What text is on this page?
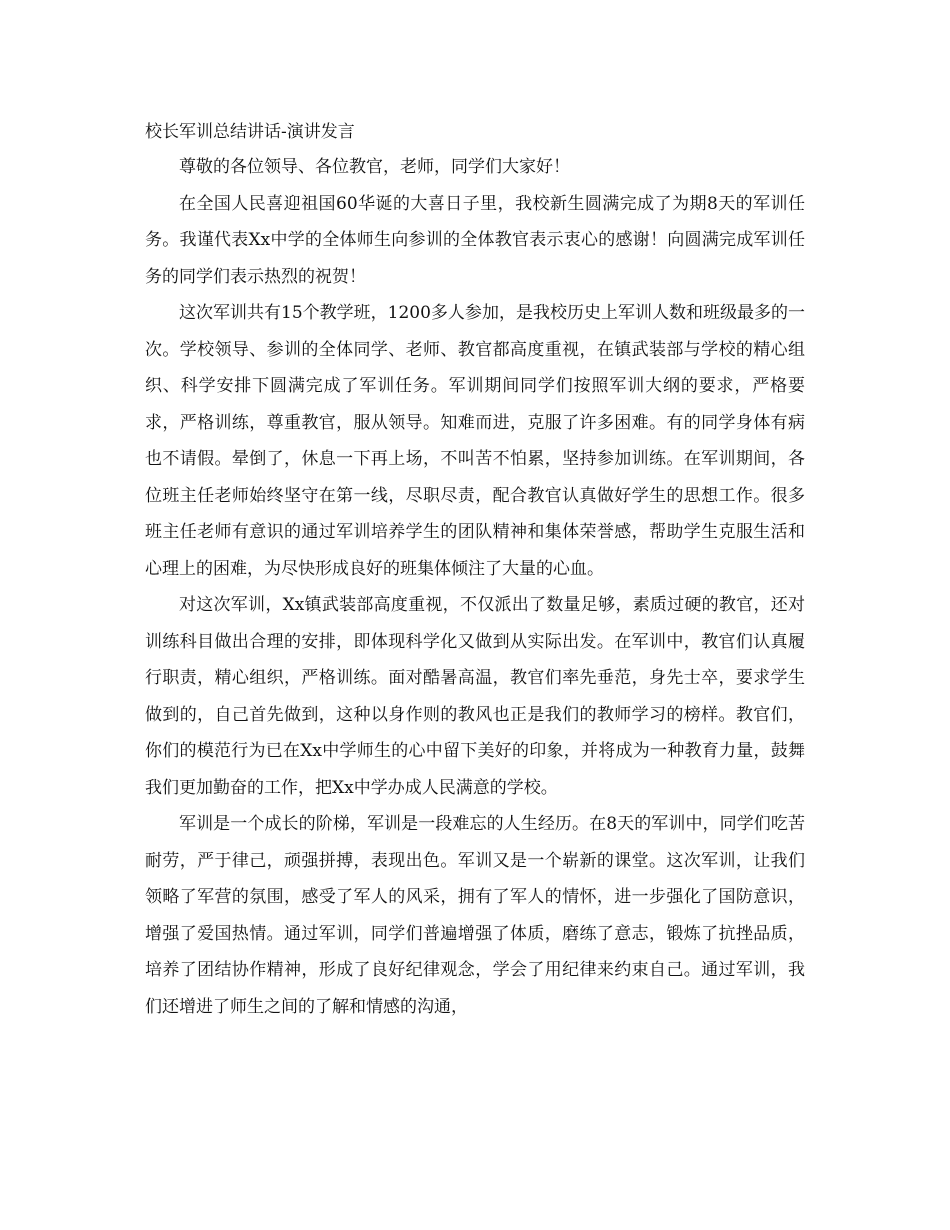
校长军训总结讲话-演讲发言

尊敬的各位领导、各位教官，老师，同学们大家好！

在全国人民喜迎祖国60华诞的大喜日子里，我校新生圆满完成了为期8天的军训任务。我谨代表Xx中学的全体师生向参训的全体教官表示衷心的感谢！向圆满完成军训任务的同学们表示热烈的祝贺！

这次军训共有15个教学班，1200多人参加，是我校历史上军训人数和班级最多的一次。学校领导、参训的全体同学、老师、教官都高度重视，在镇武装部与学校的精心组织、科学安排下圆满完成了军训任务。军训期间同学们按照军训大纲的要求，严格要求，严格训练，尊重教官，服从领导。知难而进，克服了许多困难。有的同学身体有病也不请假。晕倒了，休息一下再上场，不叫苦不怕累，坚持参加训练。在军训期间，各位班主任老师始终坚守在第一线，尽职尽责，配合教官认真做好学生的思想工作。很多班主任老师有意识的通过军训培养学生的团队精神和集体荣誉感，帮助学生克服生活和心理上的困难，为尽快形成良好的班集体倾注了大量的心血。

对这次军训，Xx镇武装部高度重视，不仅派出了数量足够，素质过硬的教官，还对训练科目做出合理的安排，即体现科学化又做到从实际出发。在军训中，教官们认真履行职责，精心组织，严格训练。面对酷暑高温，教官们率先垂范，身先士卒，要求学生做到的，自己首先做到，这种以身作则的教风也正是我们的教师学习的榜样。教官们，你们的模范行为已在Xx中学师生的心中留下美好的印象，并将成为一种教育力量，鼓舞我们更加勤奋的工作，把Xx中学办成人民满意的学校。

军训是一个成长的阶梯，军训是一段难忘的人生经历。在8天的军训中，同学们吃苦耐劳，严于律己，顽强拼搏，表现出色。军训又是一个崭新的课堂。这次军训，让我们领略了军营的氛围，感受了军人的风采，拥有了军人的情怀，进一步强化了国防意识，增强了爱国热情。通过军训，同学们普遍增强了体质，磨练了意志，锻炼了抗挫品质，培养了团结协作精神，形成了良好纪律观念，学会了用纪律来约束自己。通过军训，我们还增进了师生之间的了解和情感的沟通，
